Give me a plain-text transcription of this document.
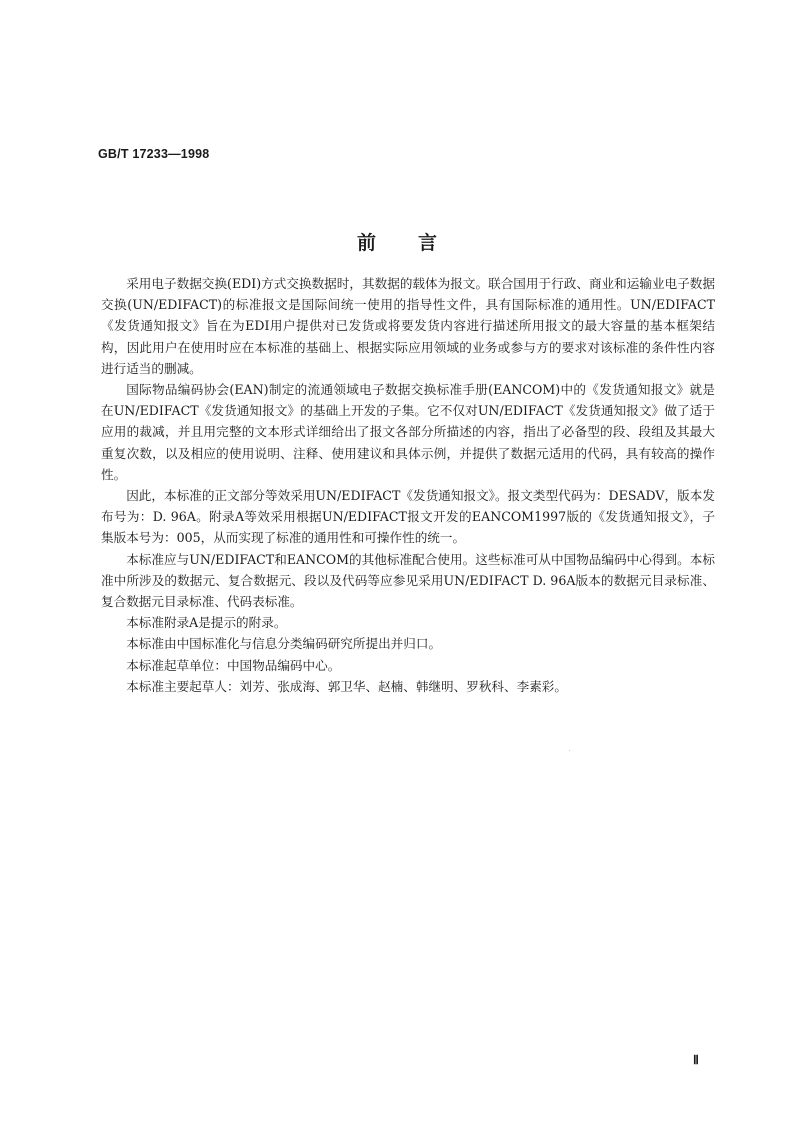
GB/T 17233—1998
前言

采用电子数据交换(EDI)方式交换数据时，其数据的载体为报文。联合国用于行政、商业和运输业电子数据交换(UN/EDIFACT)的标准报文是国际间统一使用的指导性文件，具有国际标准的通用性。UN/EDIFACT《发货通知报文》旨在为EDI用户提供对已发货或将要发货内容进行描述所用报文的最大容量的基本框架结构，因此用户在使用时应在本标准的基础上、根据实际应用领域的业务或参与方的要求对该标准的条件性内容进行适当的删减。

国际物品编码协会(EAN)制定的流通领域电子数据交换标准手册(EANCOM)中的《发货通知报文》就是在UN/EDIFACT《发货通知报文》的基础上开发的子集。它不仅对UN/EDIFACT《发货通知报文》做了适于应用的裁减，并且用完整的文本形式详细给出了报文各部分所描述的内容，指出了必备型的段、段组及其最大重复次数，以及相应的使用说明、注释、使用建议和具体示例，并提供了数据元适用的代码，具有较高的操作性。

因此，本标准的正文部分等效采用UN/EDIFACT《发货通知报文》。报文类型代码为：DESADV，版本发布号为：D. 96A。附录A等效采用根据UN/EDIFACT报文开发的EANCOM1997版的《发货通知报文》，子集版本号为：005，从而实现了标准的通用性和可操作性的统一。

本标准应与UN/EDIFACT和EANCOM的其他标准配合使用。这些标准可从中国物品编码中心得到。本标准中所涉及的数据元、复合数据元、段以及代码等应参见采用UN/EDIFACT D. 96A版本的数据元目录标准、复合数据元目录标准、代码表标准。

本标准附录A是提示的附录。

本标准由中国标准化与信息分类编码研究所提出并归口。

本标准起草单位：中国物品编码中心。

本标准主要起草人：刘芳、张成海、郭卫华、赵楠、韩继明、罗秋科、李素彩。

Ⅱ
